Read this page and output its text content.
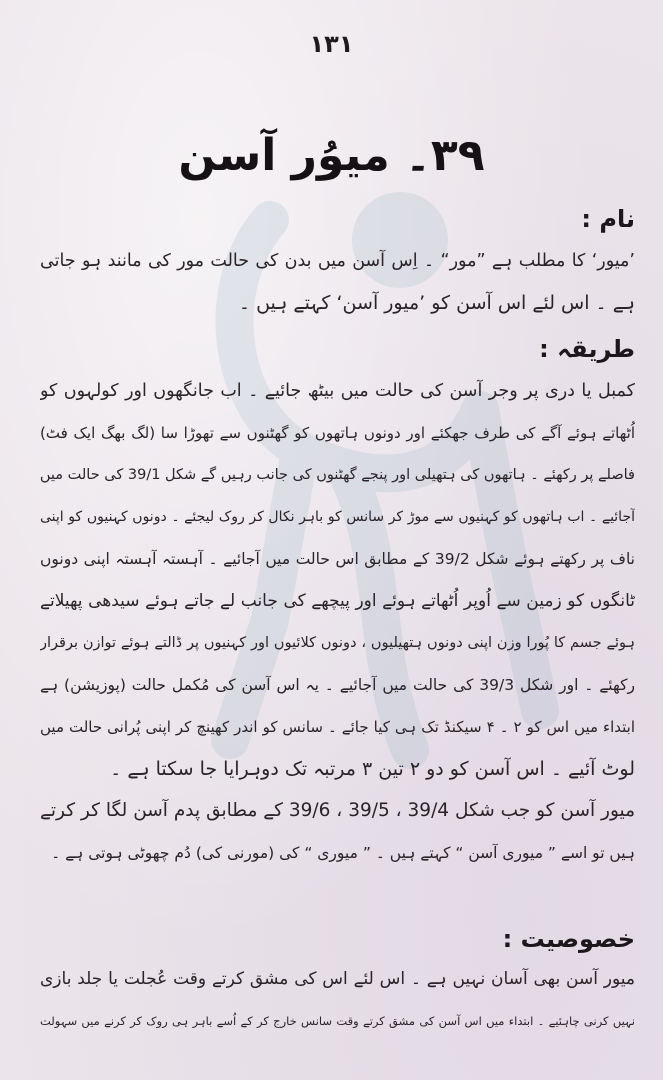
١٣١
٣٩۔ میوُر آسن
نام :
’میور‘ کا مطلب ہے ”مور“ ۔ اِس آسن میں بدن کی حالت مور کی مانند ہو جاتی
ہے ۔ اس لئے اس آسن کو ’میور آسن‘ کہتے ہیں ۔
طریقہ :
کمبل یا دری پر وجر آسن کی حالت میں بیٹھ جائیے ۔ اب جانگھوں اور کولہوں کو
اُٹھاتے ہوئے آگے کی طرف جھکئے اور دونوں ہاتھوں کو گھٹنوں سے تھوڑا سا (لگ بھگ ایک فٹ)
فاصلے پر رکھئے ۔ ہاتھوں کی ہتھیلی اور پنجے گھٹنوں کی جانب رہیں گے شکل 39/1 کی حالت میں
آجائیے ۔ اب ہاتھوں کو کہنیوں سے موڑ کر سانس کو باہر نکال کر روک لیجئے ۔ دونوں کہنیوں کو اپنی
ناف پر رکھتے ہوئے شکل 39/2 کے مطابق اس حالت میں آجائیے ۔ آہستہ آہستہ اپنی دونوں
ٹانگوں کو زمین سے اُوپر اُٹھاتے ہوئے اور پیچھے کی جانب لے جاتے ہوئے سیدھی پھیلاتے
ہوئے جسم کا پُورا وزن اپنی دونوں ہتھیلیوں ، دونوں کلائیوں اور کہنیوں پر ڈالتے ہوئے توازن برقرار
رکھئے ۔ اور شکل 39/3 کی حالت میں آجائیے ۔ یہ اس آسن کی مُکمل حالت (پوزیشن) ہے
ابتداء میں اس کو ۲ ۔ ۴ سیکنڈ تک ہی کیا جائے ۔ سانس کو اندر کھینچ کر اپنی پُرانی حالت میں
لوٹ آئیے ۔ اس آسن کو دو ۲ تین ۳ مرتبہ تک دوہرایا جا سکتا ہے ۔
میور آسن کو جب شکل 39/4 ، 39/5 ، 39/6 کے مطابق پدم آسن لگا کر کرتے
ہیں تو اسے ” میوری آسن “ کہتے ہیں ۔ ” میوری “ کی (مورنی کی) دُم چھوٹی ہوتی ہے ۔
خصوصیت :
میور آسن بھی آسان نہیں ہے ۔ اس لئے اس کی مشق کرتے وقت عُجلت یا جلد بازی
نہیں کرنی چاہئیے ۔ ابتداء میں اس آسن کی مشق کرتے وقت سانس خارج کر کے اُسے باہر ہی روک کر کرنے میں سہولت
